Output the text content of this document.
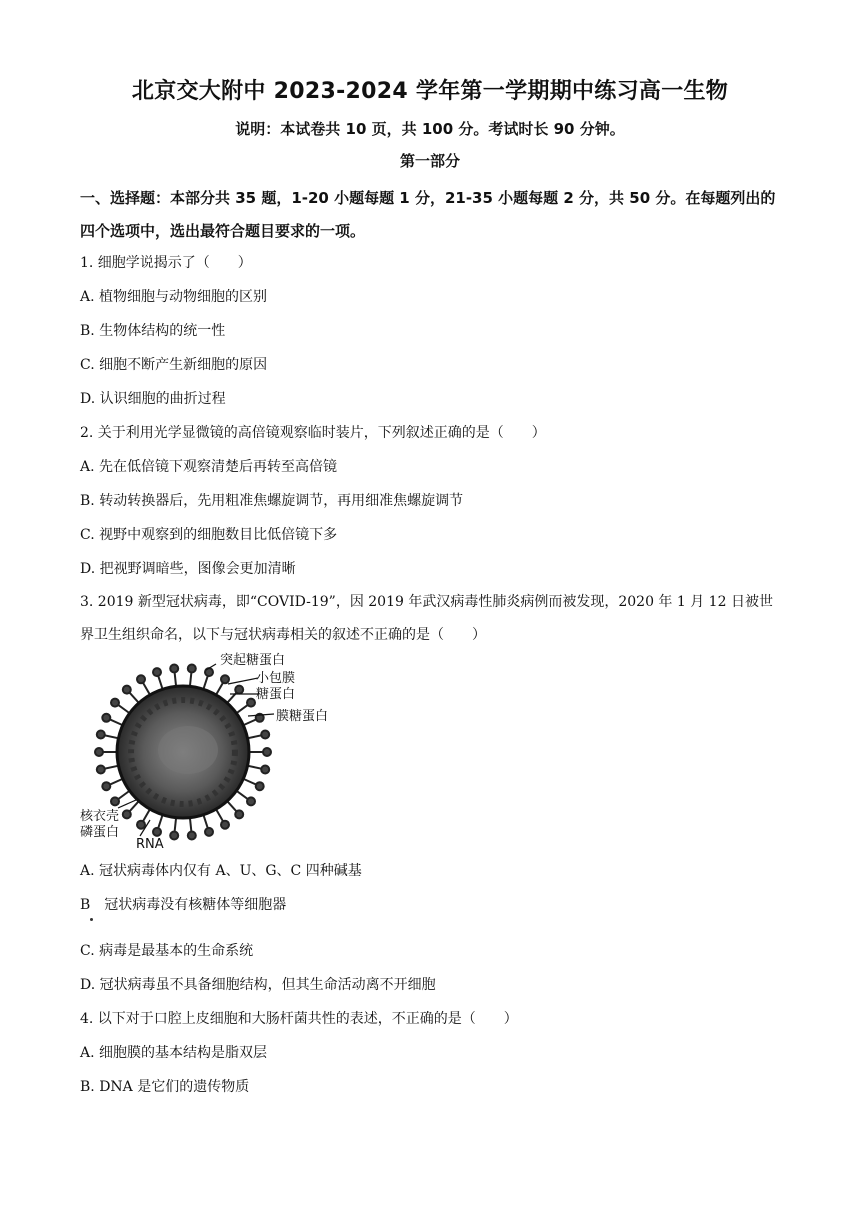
北京交大附中 2023-2024 学年第一学期期中练习高一生物
说明：本试卷共 10 页，共 100 分。考试时长 90 分钟。
第一部分
一、选择题：本部分共 35 题，1-20 小题每题 1 分，21-35 小题每题 2 分，共 50 分。在每题列出的四个选项中，选出最符合题目要求的一项。
1. 细胞学说揭示了（　　）
A. 植物细胞与动物细胞的区别
B. 生物体结构的统一性
C. 细胞不断产生新细胞的原因
D. 认识细胞的曲折过程
2. 关于利用光学显微镜的高倍镜观察临时装片，下列叙述正确的是（　　）
A. 先在低倍镜下观察清楚后再转至高倍镜
B. 转动转换器后，先用粗准焦螺旋调节，再用细准焦螺旋调节
C. 视野中观察到的细胞数目比低倍镜下多
D. 把视野调暗些，图像会更加清晰
3. 2019 新型冠状病毒，即“COVID-19”，因 2019 年武汉病毒性肺炎病例而被发现，2020 年 1 月 12 日被世界卫生组织命名，以下与冠状病毒相关的叙述不正确的是（　　）
突起糖蛋白
小包膜
糖蛋白
膜糖蛋白
核衣壳
磷蛋白
RNA
A. 冠状病毒体内仅有 A、U、G、C 四种碱基
B　冠状病毒没有核糖体等细胞器
C. 病毒是最基本的生命系统
D. 冠状病毒虽不具备细胞结构，但其生命活动离不开细胞
4. 以下对于口腔上皮细胞和大肠杆菌共性的表述，不正确的是（　　）
A. 细胞膜的基本结构是脂双层
B. DNA 是它们的遗传物质
